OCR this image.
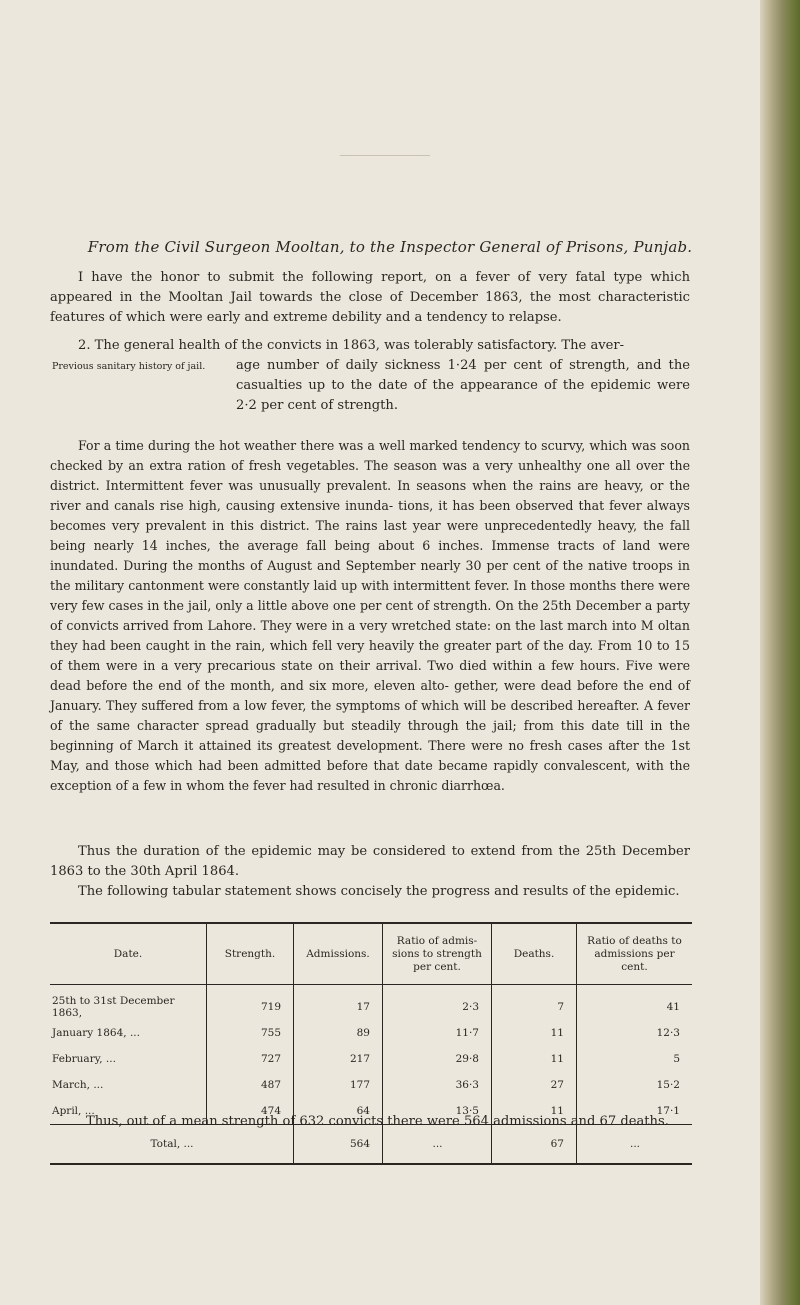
From the Civil Surgeon Mooltan, to the Inspector General of Prisons, Punjab.
I have the honor to submit the following report, on a fever of very fatal type which appeared in the Mooltan Jail towards the close of December 1863, the most characteristic features of which were early and extreme debility and a tendency to relapse.
2. The general health of the convicts in 1863, was tolerably satisfactory. The aver-
age number of daily sickness 1·24 per cent of strength, and the casualties up to the date of the appearance of the epidemic were 2·2 per cent of strength.
Previous sanitary history of jail.
For a time during the hot weather there was a well marked tendency to scurvy, which was soon checked by an extra ration of fresh vegetables. The season was a very unhealthy one all over the district. Intermittent fever was unusually prevalent. In seasons when the rains are heavy, or the river and canals rise high, causing extensive inunda- tions, it has been observed that fever always becomes very prevalent in this district. The rains last year were unprecedentedly heavy, the fall being nearly 14 inches, the average fall being about 6 inches. Immense tracts of land were inundated. During the months of August and September nearly 30 per cent of the native troops in the military cantonment were constantly laid up with intermittent fever. In those months there were very few cases in the jail, only a little above one per cent of strength. On the 25th December a party of convicts arrived from Lahore. They were in a very wretched state: on the last march into M oltan they had been caught in the rain, which fell very heavily the greater part of the day. From 10 to 15 of them were in a very precarious state on their arrival. Two died within a few hours. Five were dead before the end of the month, and six more, eleven alto- gether, were dead before the end of January. They suffered from a low fever, the symptoms of which will be described hereafter. A fever of the same character spread gradually but steadily through the jail; from this date till in the beginning of March it attained its greatest development. There were no fresh cases after the 1st May, and those which had been admitted before that date became rapidly convalescent, with the exception of a few in whom the fever had resulted in chronic diarrhœa.
Thus the duration of the epidemic may be considered to extend from the 25th December 1863 to the 30th April 1864.
The following tabular statement shows concisely the progress and results of the epidemic.
Date.	Strength.	Admissions.	Ratio of admis- sions to strength per cent.	Deaths.	Ratio of deaths to admissions per cent.
25th to 31st December 1863,	719	17	2·3	7	41
January 1864, ...	755	89	11·7	11	12·3
February, ...	727	217	29·8	11	5
March, ...	487	177	36·3	27	15·2
April, ...	474	64	13·5	11	17·1
Total, ...		564	...	67	...
Thus, out of a mean strength of 632 convicts there were 564 admissions and 67 deaths.
